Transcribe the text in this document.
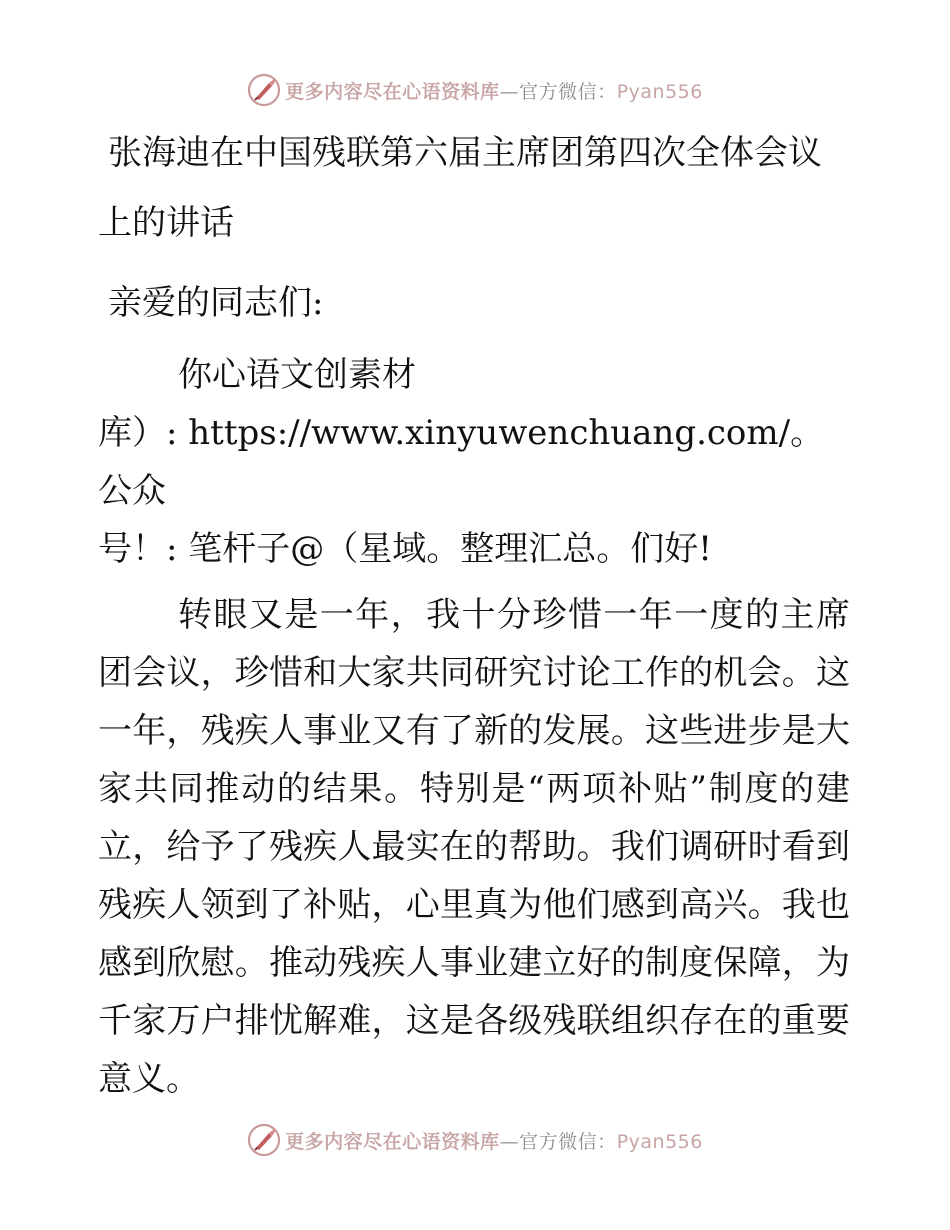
更多内容尽在心语资料库—官方微信：Pyan556
张海迪在中国残联第六届主席团第四次全体会议
上的讲话

亲爱的同志们:

你心语文创素材
库）: https://www.xinyuwenchuang.com/。公众
号！: 笔杆子@（星域。整理汇总。们好!

转眼又是一年，我十分珍惜一年一度的主席团会议，珍惜和大家共同研究讨论工作的机会。这一年，残疾人事业又有了新的发展。这些进步是大家共同推动的结果。特别是“两项补贴”制度的建立，给予了残疾人最实在的帮助。我们调研时看到残疾人领到了补贴，心里真为他们感到高兴。我也感到欣慰。推动残疾人事业建立好的制度保障，为千家万户排忧解难，这是各级残联组织存在的重要意义。

更多内容尽在心语资料库—官方微信：Pyan556
